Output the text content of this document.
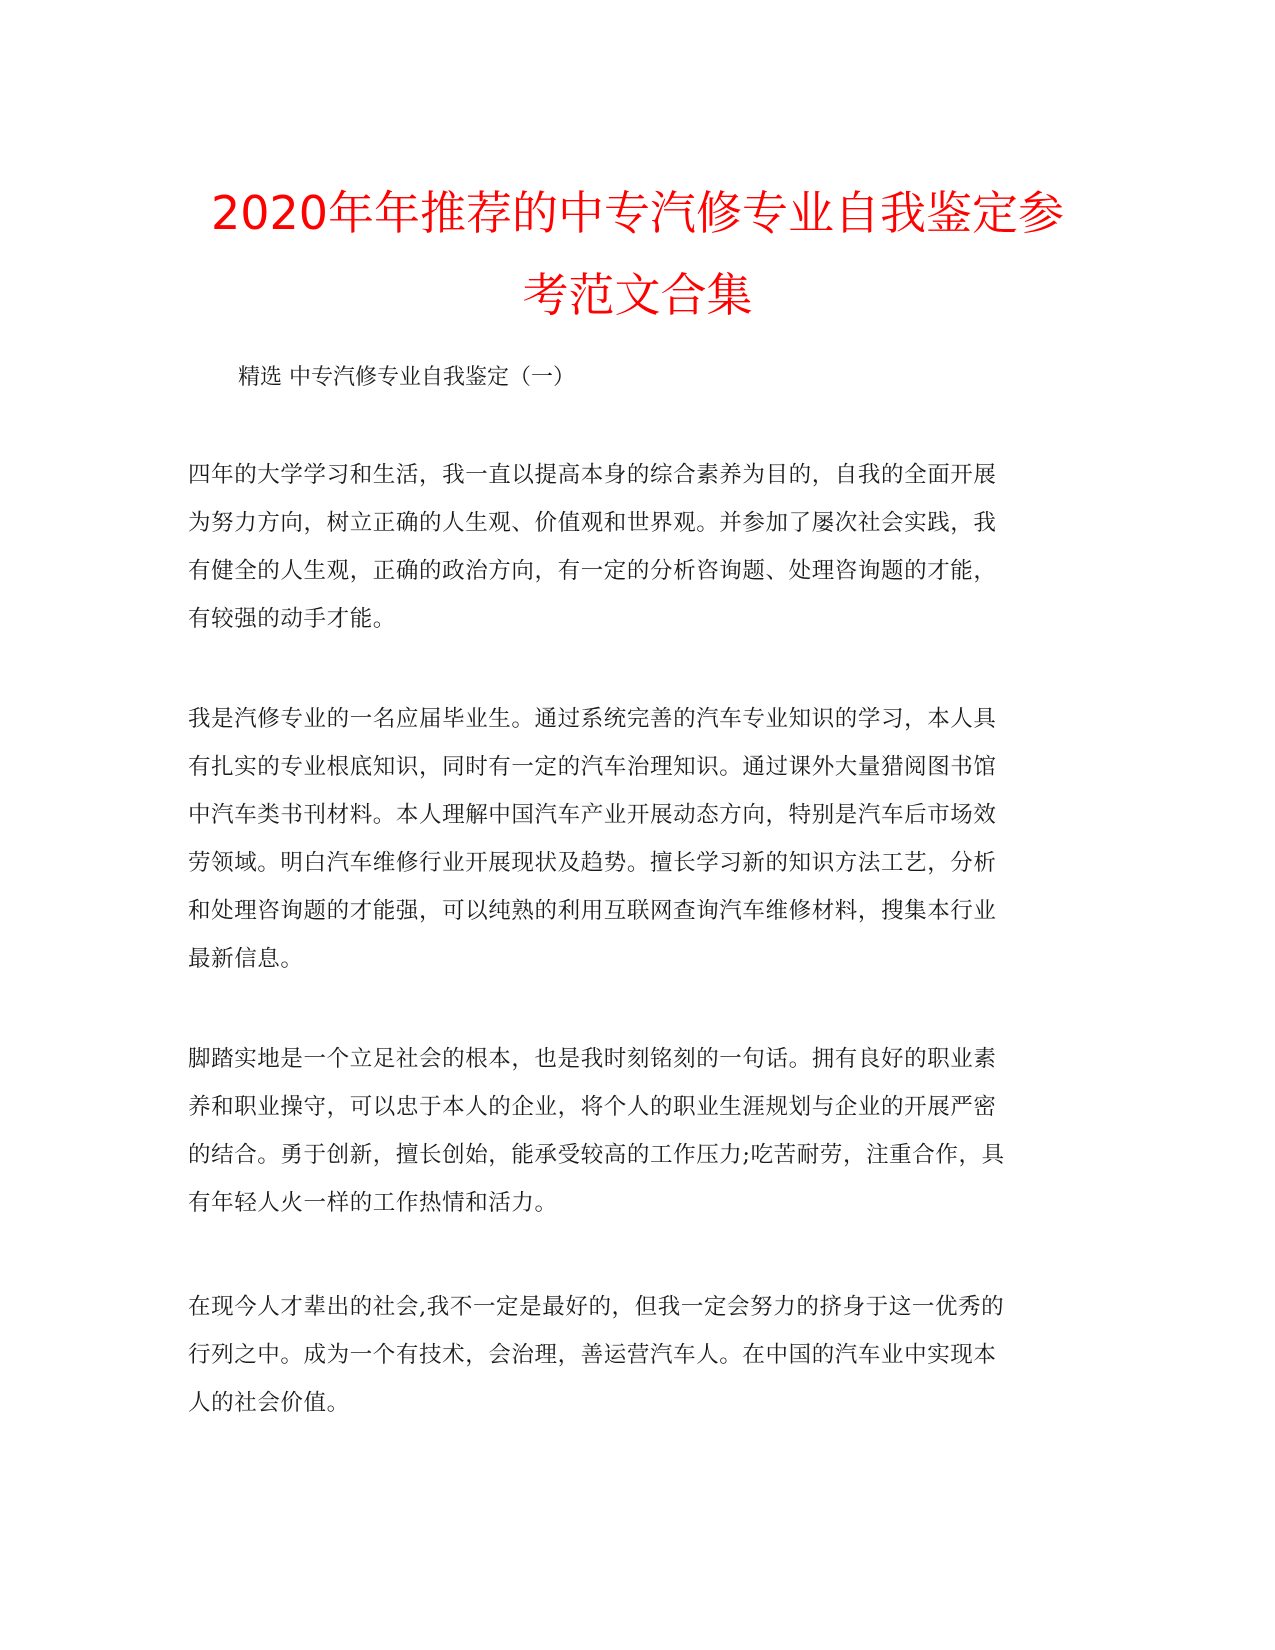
2020年年推荐的中专汽修专业自我鉴定参
考范文合集

精选 中专汽修专业自我鉴定（一）

四年的大学学习和生活，我一直以提高本身的综合素养为目的，自我的全面开展
为努力方向，树立正确的人生观、价值观和世界观。并参加了屡次社会实践，我
有健全的人生观，正确的政治方向，有一定的分析咨询题、处理咨询题的才能，
有较强的动手才能。
我是汽修专业的一名应届毕业生。通过系统完善的汽车专业知识的学习，本人具
有扎实的专业根底知识，同时有一定的汽车治理知识。通过课外大量猎阅图书馆
中汽车类书刊材料。本人理解中国汽车产业开展动态方向，特别是汽车后市场效
劳领域。明白汽车维修行业开展现状及趋势。擅长学习新的知识方法工艺，分析
和处理咨询题的才能强，可以纯熟的利用互联网查询汽车维修材料，搜集本行业
最新信息。
脚踏实地是一个立足社会的根本，也是我时刻铭刻的一句话。拥有良好的职业素
养和职业操守，可以忠于本人的企业，将个人的职业生涯规划与企业的开展严密
的结合。勇于创新，擅长创始，能承受较高的工作压力;吃苦耐劳，注重合作，具
有年轻人火一样的工作热情和活力。
在现今人才辈出的社会,我不一定是最好的，但我一定会努力的挤身于这一优秀的
行列之中。成为一个有技术，会治理，善运营汽车人。在中国的汽车业中实现本
人的社会价值。
